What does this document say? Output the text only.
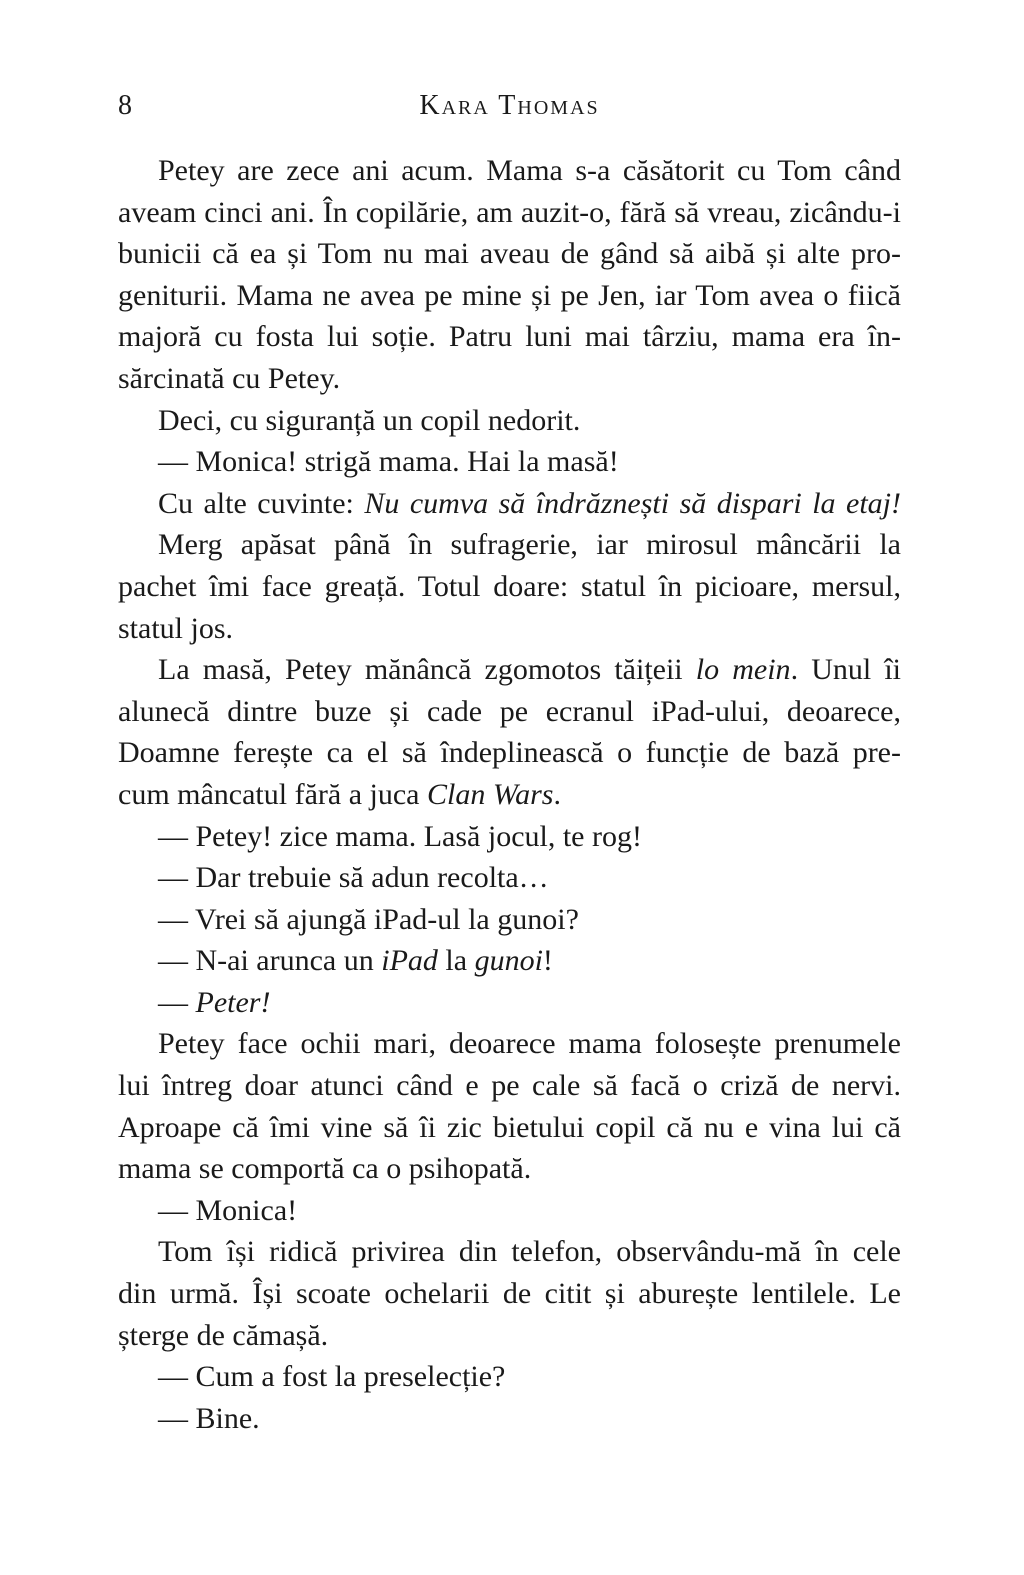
8	Kara Thomas
Petey are zece ani acum. Mama s-a căsătorit cu Tom când
aveam cinci ani. În copilărie, am auzit-o, fără să vreau, zicându-i
bunicii că ea și Tom nu mai aveau de gând să aibă și alte pro-
geniturii. Mama ne avea pe mine și pe Jen, iar Tom avea o fiică
majoră cu fosta lui soție. Patru luni mai târziu, mama era în-
sărcinată cu Petey.
Deci, cu siguranță un copil nedorit.
— Monica! strigă mama. Hai la masă!
Cu alte cuvinte: Nu cumva să îndrăznești să dispari la etaj!
Merg apăsat până în sufragerie, iar mirosul mâncării la
pachet îmi face greață. Totul doare: statul în picioare, mersul,
statul jos.
La masă, Petey mănâncă zgomotos tăițeii lo mein. Unul îi
alunecă dintre buze și cade pe ecranul iPad-ului, deoarece,
Doamne ferește ca el să îndeplinească o funcție de bază pre-
cum mâncatul fără a juca Clan Wars.
— Petey! zice mama. Lasă jocul, te rog!
— Dar trebuie să adun recolta…
— Vrei să ajungă iPad-ul la gunoi?
— N-ai arunca un iPad la gunoi!
— Peter!
Petey face ochii mari, deoarece mama folosește prenumele
lui întreg doar atunci când e pe cale să facă o criză de nervi.
Aproape că îmi vine să îi zic bietului copil că nu e vina lui că
mama se comportă ca o psihopată.
— Monica!
Tom își ridică privirea din telefon, observându-mă în cele
din urmă. Își scoate ochelarii de citit și aburește lentilele. Le
șterge de cămașă.
— Cum a fost la preselecție?
— Bine.
